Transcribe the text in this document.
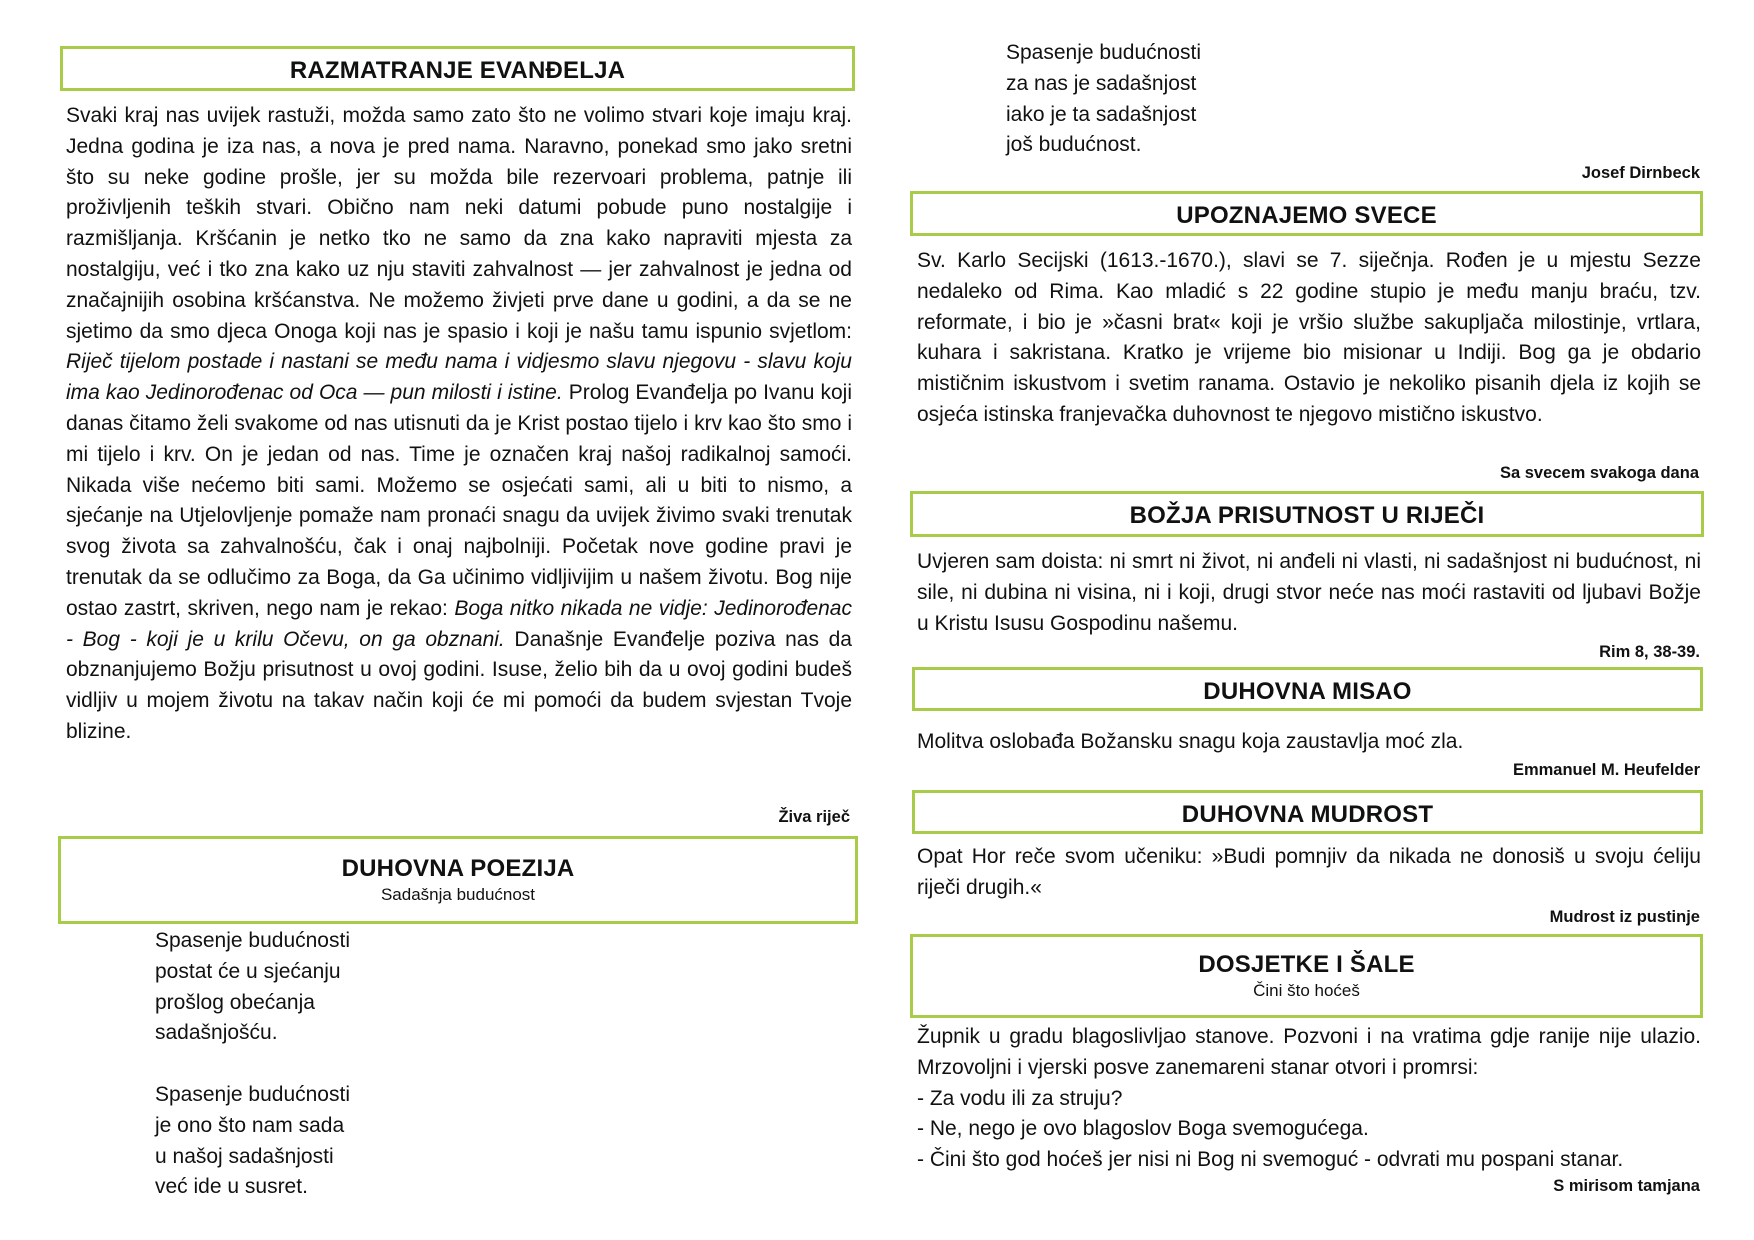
RAZMATRANJE EVANĐELJA

Svaki kraj nas uvijek rastuži, možda samo zato što ne volimo stvari koje imaju kraj. Jedna godina je iza nas, a nova je pred nama. Naravno, ponekad smo jako sretni što su neke godine prošle, jer su možda bile rezervoari problema, patnje ili proživljenih teških stvari. Obično nam neki datumi pobude puno nostalgije i razmišljanja. Kršćanin je netko tko ne samo da zna kako napraviti mjesta za nostalgiju, već i tko zna kako uz nju staviti zahvalnost — jer zahvalnost je jedna od značajnijih osobina kršćanstva. Ne možemo živjeti prve dane u godini, a da se ne sjetimo da smo djeca Onoga koji nas je spasio i koji je našu tamu ispunio svjetlom: Riječ tijelom postade i nastani se među nama i vidjesmo slavu njegovu - slavu koju ima kao Jedinorođenac od Oca — pun milosti i istine. Prolog Evanđelja po Ivanu koji danas čitamo želi svakome od nas utisnuti da je Krist postao tijelo i krv kao što smo i mi tijelo i krv. On je jedan od nas. Time je označen kraj našoj radikalnoj samoći. Nikada više nećemo biti sami. Možemo se osjećati sami, ali u biti to nismo, a sjećanje na Utjelovljenje pomaže nam pronaći snagu da uvijek živimo svaki trenutak svog života sa zahvalnošću, čak i onaj najbolniji. Početak nove godine pravi je trenutak da se odlučimo za Boga, da Ga učinimo vidljivijim u našem životu. Bog nije ostao zastrt, skriven, nego nam je rekao: Boga nitko nikada ne vidje: Jedinorođenac - Bog - koji je u krilu Očevu, on ga obznani. Današnje Evanđelje poziva nas da obznanjujemo Božju prisutnost u ovoj godini. Isuse, želio bih da u ovoj godini budeš vidljiv u mojem životu na takav način koji će mi pomoći da budem svjestan Tvoje blizine.

Živa riječ
DUHOVNA POEZIJA
Sadašnja budućnost
Spasenje budućnosti
postat će u sjećanju
prošlog obećanja
sadašnjošću.
Spasenje budućnosti
je ono što nam sada
u našoj sadašnjosti
već ide u susret.
Spasenje budućnosti
za nas je sadašnjost
iako je ta sadašnjost
još budućnost.
Josef Dirnbeck
UPOZNAJEMO SVECE
Sv. Karlo Secijski (1613.-1670.), slavi se 7. siječnja. Rođen je u mjestu Sezze nedaleko od Rima. Kao mladić s 22 godine stupio je među manju braću, tzv. reformate, i bio je »časni brat« koji je vršio službe sakupljača milostinje, vrtlara, kuhara i sakristana. Kratko je vrijeme bio misionar u Indiji. Bog ga je obdario mističnim iskustvom i svetim ranama. Ostavio je nekoliko pisanih djela iz kojih se osjeća istinska franjevačka duhovnost te njegovo mistično iskustvo.
Sa svecem svakoga dana
BOŽJA PRISUTNOST U RIJEČI
Uvjeren sam doista: ni smrt ni život, ni anđeli ni vlasti, ni sadašnjost ni budućnost, ni sile, ni dubina ni visina, ni i koji, drugi stvor neće nas moći rastaviti od ljubavi Božje u Kristu Isusu Gospodinu našemu.
Rim 8, 38-39.
DUHOVNA MISAO
Molitva oslobađa Božansku snagu koja zaustavlja moć zla.
Emmanuel M. Heufelder
DUHOVNA MUDROST
Opat Hor reče svom učeniku: »Budi pomnjiv da nikada ne donosiš u svoju ćeliju riječi drugih.«
Mudrost iz pustinje
DOSJETKE I ŠALE
Čini što hoćeš

Župnik u gradu blagoslivljao stanove. Pozvoni i na vratima gdje ranije nije ulazio. Mrzovoljni i vjerski posve zanemareni stanar otvori i promrsi:

- Za vodu ili za struju?
- Ne, nego je ovo blagoslov Boga svemogućega.
- Čini što god hoćeš jer nisi ni Bog ni svemoguć - odvrati mu pospani stanar.
S mirisom tamjana
